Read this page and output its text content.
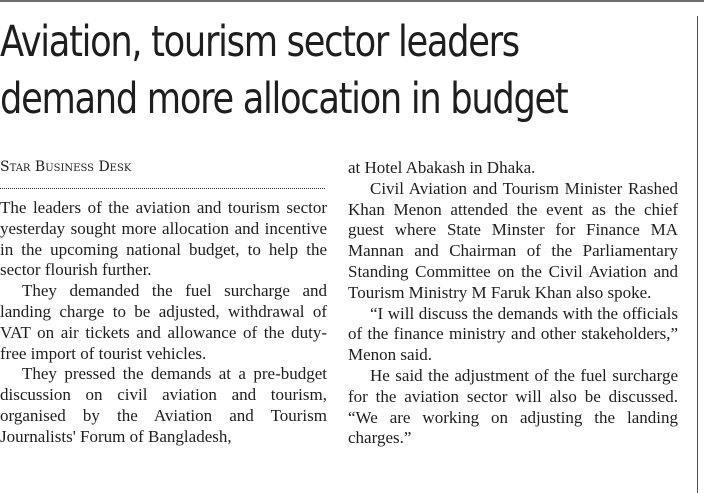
Aviation, tourism sector leaders
demand more allocation in budget
Star Business Desk

The leaders of the aviation and tourism sector yesterday sought more allocation and incentive in the upcoming national budget, to help the sector flourish further.

They demanded the fuel surcharge and landing charge to be adjusted, withdrawal of VAT on air tickets and allowance of the duty-free import of tourist vehicles.

They pressed the demands at a pre-budget discussion on civil aviation and tourism, organised by the Aviation and Tourism Journalists' Forum of Bangladesh,

at Hotel Abakash in Dhaka.

Civil Aviation and Tourism Minister Rashed Khan Menon attended the event as the chief guest where State Minster for Finance MA Mannan and Chairman of the Parliamentary Standing Committee on the Civil Aviation and Tourism Ministry M Faruk Khan also spoke.

“I will discuss the demands with the officials of the finance ministry and other stakeholders,” Menon said.

He said the adjustment of the fuel surcharge for the aviation sector will also be discussed. “We are working on adjusting the landing charges.”
